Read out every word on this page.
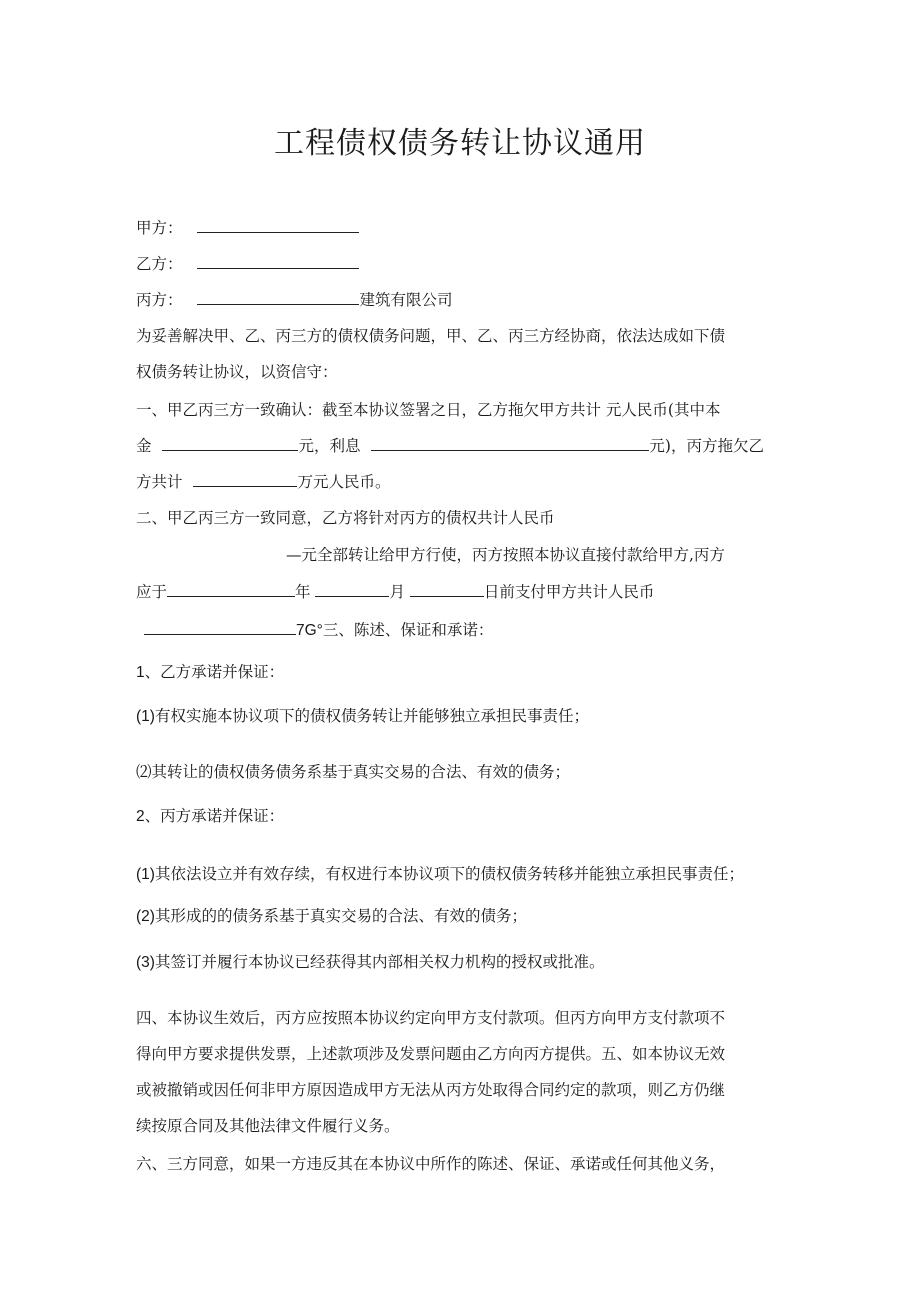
工程债权债务转让协议通用
甲方：
乙方：
丙方：	建筑有限公司
为妥善解决甲、乙、丙三方的债权债务问题，甲、乙、丙三方经协商，依法达成如下债
权债务转让协议，以资信守：
一、甲乙丙三方一致确认：截至本协议签署之日，乙方拖欠甲方共计 元人民币(其中本
金	元，利息	元)，丙方拖欠乙
方共计	万元人民币。
二、甲乙丙三方一致同意，乙方将针对丙方的债权共计人民币
—元全部转让给甲方行使，丙方按照本协议直接付款给甲方,丙方
应于	年	月	日前支付甲方共计人民币
7G°三、陈述、保证和承诺：
1、乙方承诺并保证：
(1)有权实施本协议项下的债权债务转让并能够独立承担民事责任；
⑵其转让的债权债务债务系基于真实交易的合法、有效的债务；
2、丙方承诺并保证：
(1)其依法设立并有效存续，有权进行本协议项下的债权债务转移并能独立承担民事责任；
(2)其形成的的债务系基于真实交易的合法、有效的债务；
(3)其签订并履行本协议已经获得其内部相关权力机构的授权或批准。
四、本协议生效后，丙方应按照本协议约定向甲方支付款项。但丙方向甲方支付款项不
得向甲方要求提供发票，上述款项涉及发票问题由乙方向丙方提供。五、如本协议无效
或被撤销或因任何非甲方原因造成甲方无法从丙方处取得合同约定的款项，则乙方仍继
续按原合同及其他法律文件履行义务。
六、三方同意，如果一方违反其在本协议中所作的陈述、保证、承诺或任何其他义务，
